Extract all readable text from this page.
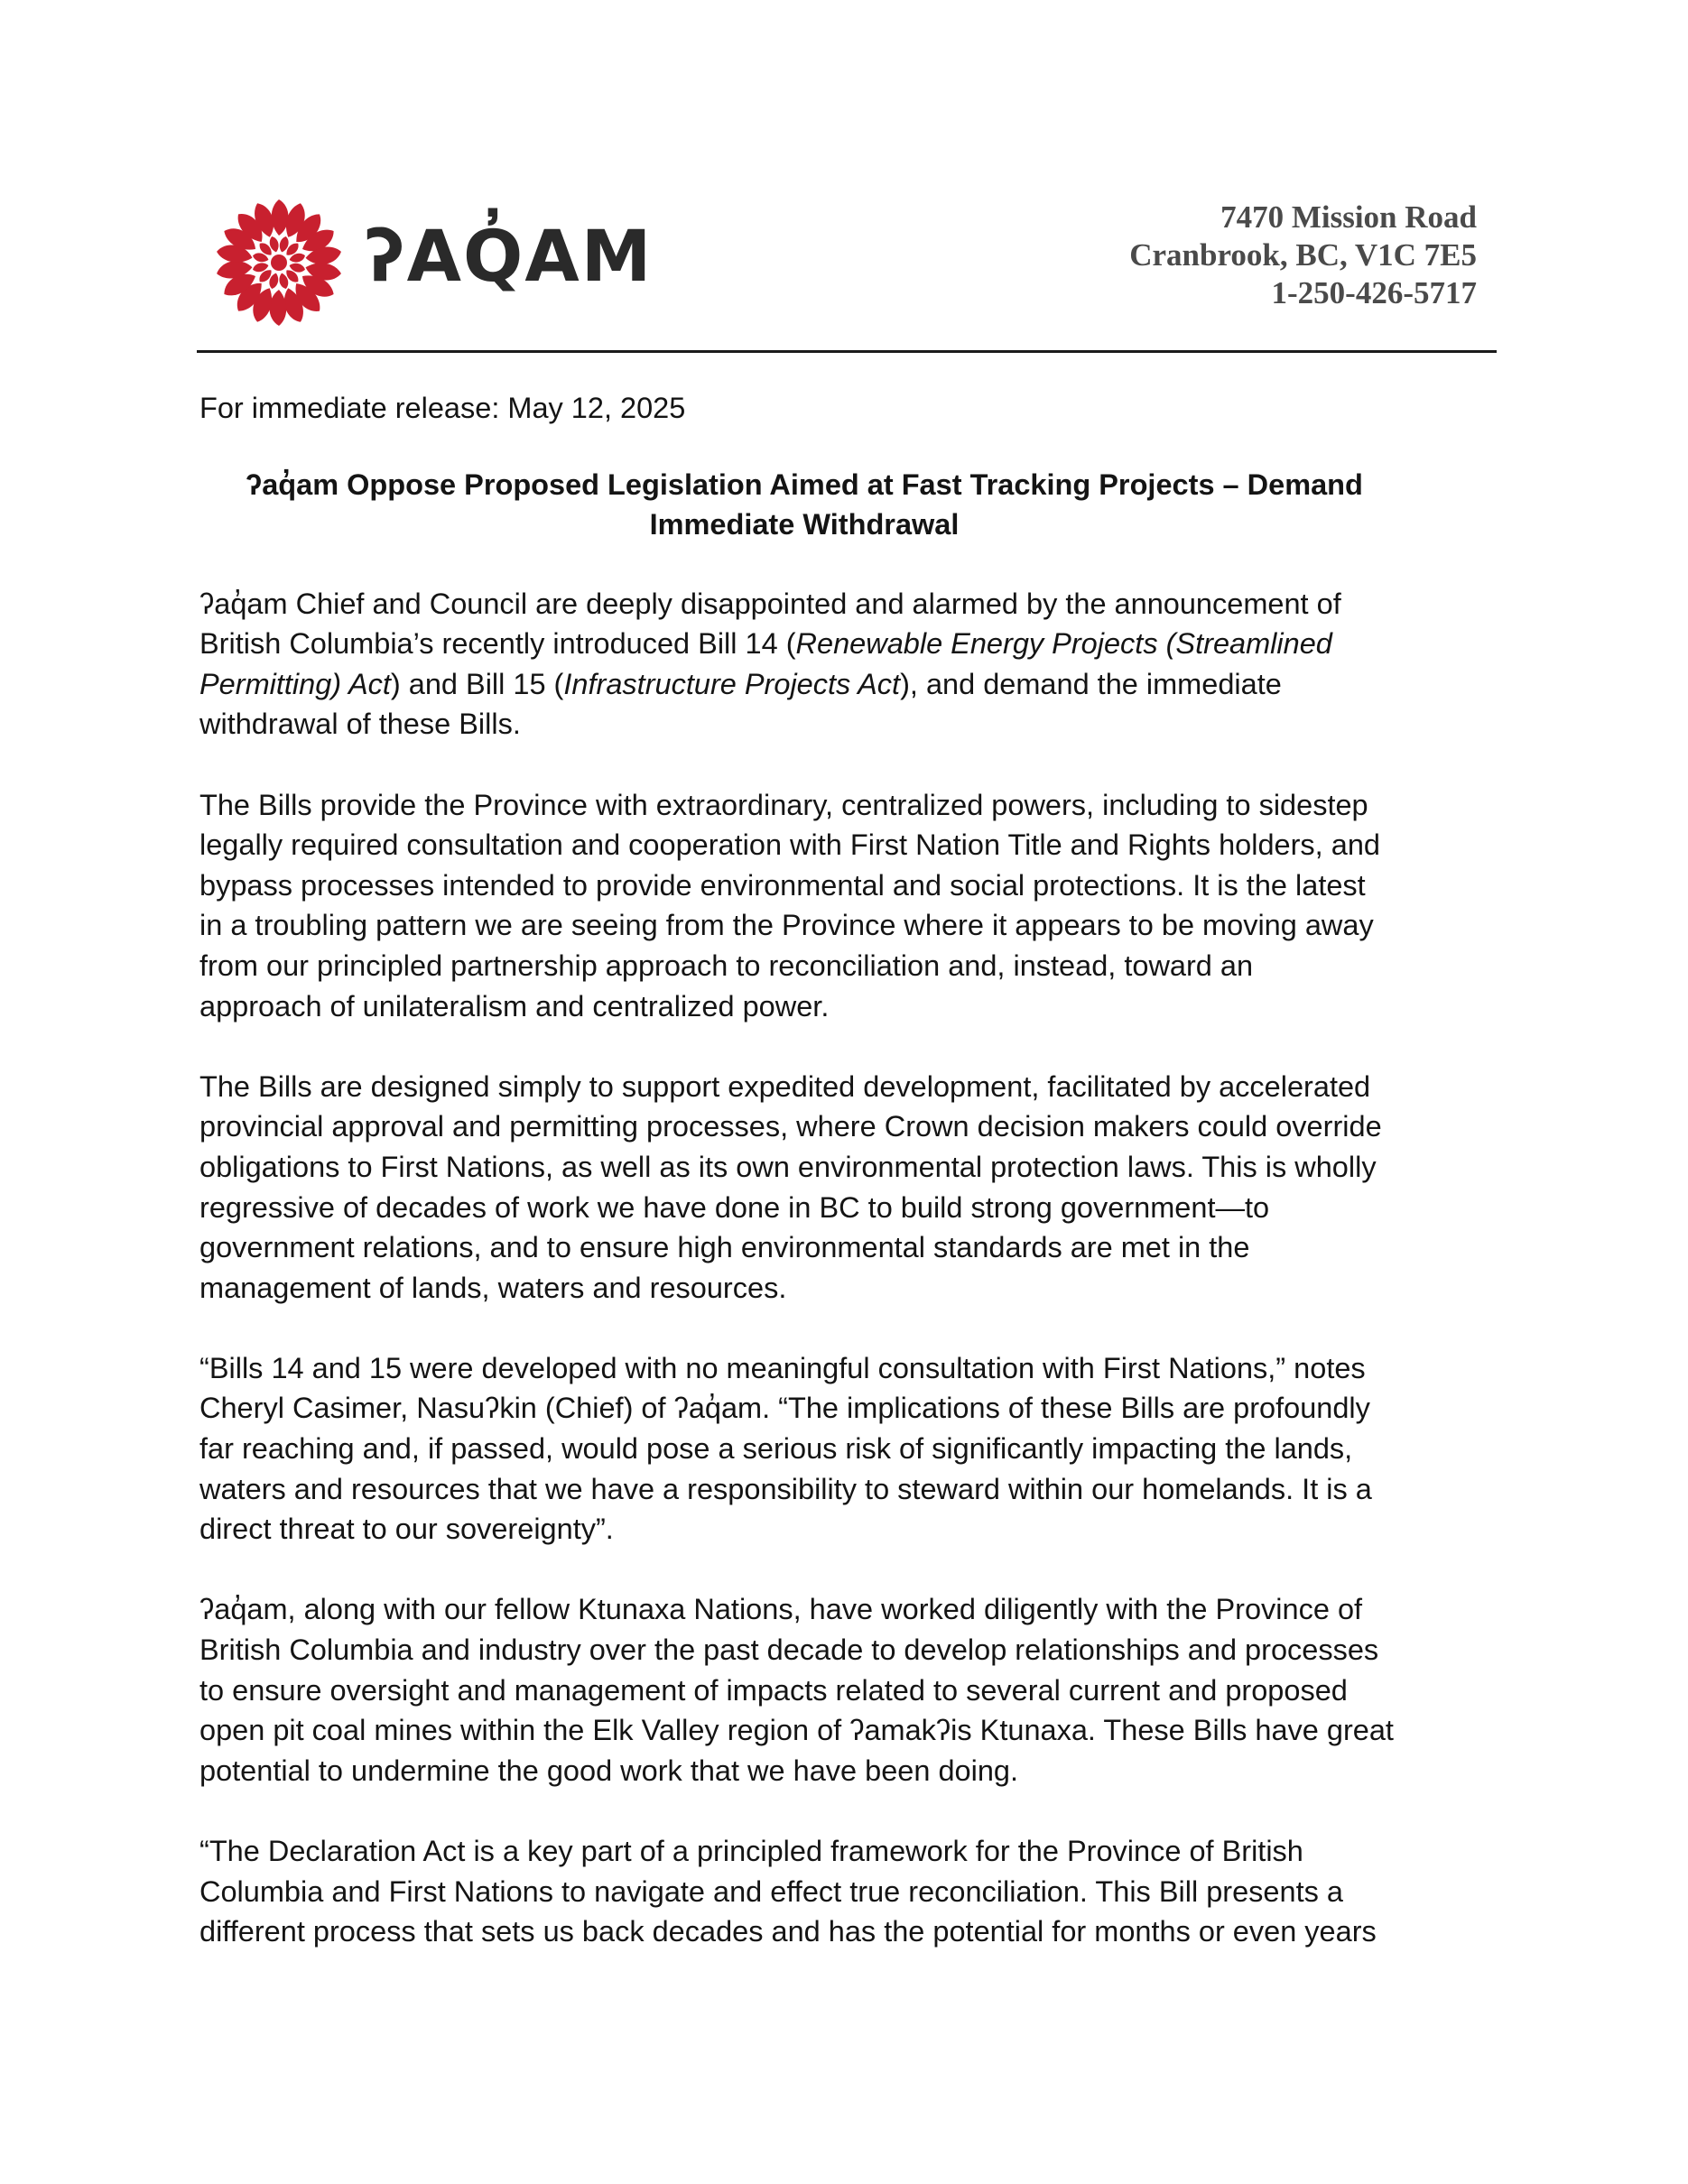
ʔAQ̓AM	7470 Mission Road
Cranbrook, BC, V1C 7E5
1-250-426-5717

For immediate release: May 12, 2025

ʔaq̓am Oppose Proposed Legislation Aimed at Fast Tracking Projects – Demand
Immediate Withdrawal

ʔaq̓am Chief and Council are deeply disappointed and alarmed by the announcement of
British Columbia’s recently introduced Bill 14 (Renewable Energy Projects (Streamlined
Permitting) Act) and Bill 15 (Infrastructure Projects Act), and demand the immediate
withdrawal of these Bills.

The Bills provide the Province with extraordinary, centralized powers, including to sidestep
legally required consultation and cooperation with First Nation Title and Rights holders, and
bypass processes intended to provide environmental and social protections. It is the latest
in a troubling pattern we are seeing from the Province where it appears to be moving away
from our principled partnership approach to reconciliation and, instead, toward an
approach of unilateralism and centralized power.

The Bills are designed simply to support expedited development, facilitated by accelerated
provincial approval and permitting processes, where Crown decision makers could override
obligations to First Nations, as well as its own environmental protection laws. This is wholly
regressive of decades of work we have done in BC to build strong government—to
government relations, and to ensure high environmental standards are met in the
management of lands, waters and resources.

“Bills 14 and 15 were developed with no meaningful consultation with First Nations,” notes
Cheryl Casimer, Nasuʔkin (Chief) of ʔaq̓am. “The implications of these Bills are profoundly
far reaching and, if passed, would pose a serious risk of significantly impacting the lands,
waters and resources that we have a responsibility to steward within our homelands. It is a
direct threat to our sovereignty”.

ʔaq̓am, along with our fellow Ktunaxa Nations, have worked diligently with the Province of
British Columbia and industry over the past decade to develop relationships and processes
to ensure oversight and management of impacts related to several current and proposed
open pit coal mines within the Elk Valley region of ʔamakʔis Ktunaxa. These Bills have great
potential to undermine the good work that we have been doing.

“The Declaration Act is a key part of a principled framework for the Province of British
Columbia and First Nations to navigate and effect true reconciliation. This Bill presents a
different process that sets us back decades and has the potential for months or even years
